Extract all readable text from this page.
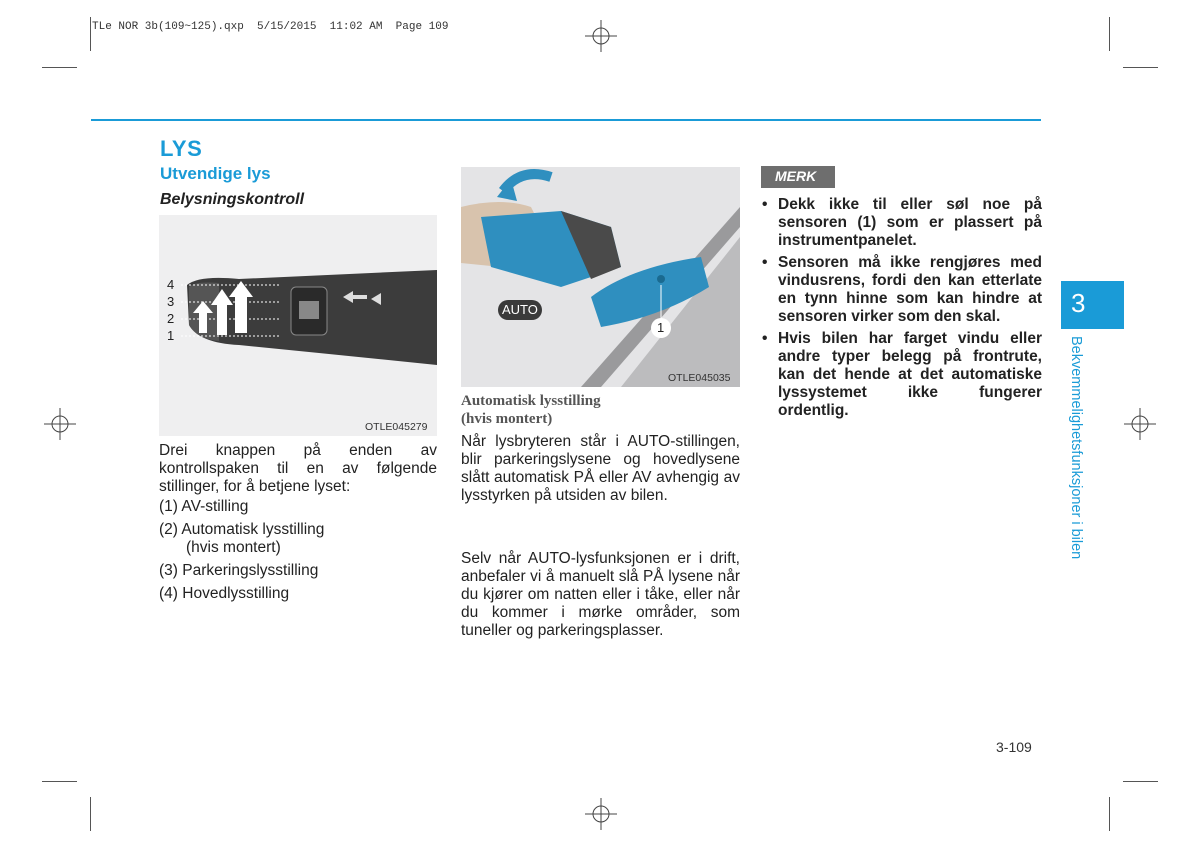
TLe NOR 3b(109~125).qxp  5/15/2015  11:02 AM  Page 109
LYS
Utvendige lys
Belysningskontroll
4
3
2
1
OTLE045279
Drei knappen på enden av kontrollspaken til en av følgende stillinger, for å betjene lyset:
(1) AV-stilling
(2) Automatisk lysstilling
(hvis montert)
(3) Parkeringslysstilling
(4) Hovedlysstilling
AUTO
1
OTLE045035
Automatisk lysstilling
(hvis montert)
Når lysbryteren står i AUTO-stillingen, blir parkeringslysene og hovedlysene slått automatisk PÅ eller AV avhengig av lysstyrken på utsiden av bilen.
Selv når AUTO-lysfunksjonen er i drift, anbefaler vi å manuelt slå PÅ lysene når du kjører om natten eller i tåke, eller når du kommer i mørke områder, som tuneller og parkeringsplasser.
MERK
• Dekk ikke til eller søl noe på sensoren (1) som er plassert på instrumentpanelet.
• Sensoren må ikke rengjøres med vindusrens, fordi den kan etterlate en tynn hinne som kan hindre at sensoren virker som den skal.
• Hvis bilen har farget vindu eller andre typer belegg på frontrute, kan det hende at det automatiske lyssystemet ikke fungerer ordentlig.
3
Bekvemmelighetsfunksjoner i bilen
3-109
